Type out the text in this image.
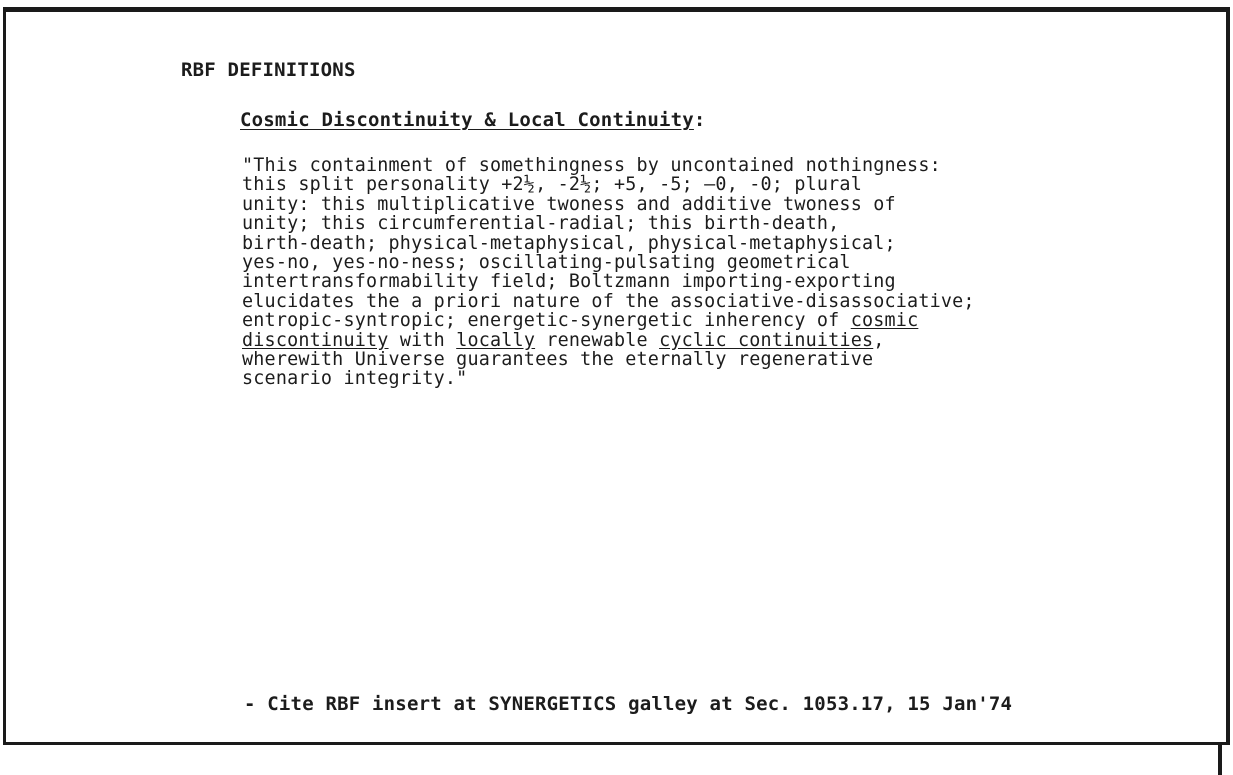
RBF DEFINITIONS
Cosmic Discontinuity & Local Continuity:
"This containment of somethingness by uncontained nothingness:
this split personality +2½, -2½; +5, -5; —0, -0; plural
unity: this multiplicative twoness and additive twoness of
unity; this circumferential-radial; this birth-death,
birth-death; physical-metaphysical, physical-metaphysical;
yes-no, yes-no-ness; oscillating-pulsating geometrical
intertransformability field; Boltzmann importing-exporting
elucidates the a priori nature of the associative-disassociative;
entropic-syntropic; energetic-synergetic inherency of cosmic
discontinuity with locally renewable cyclic continuities,
wherewith Universe guarantees the eternally regenerative
scenario integrity."
- Cite RBF insert at SYNERGETICS galley at Sec. 1053.17, 15 Jan'74
